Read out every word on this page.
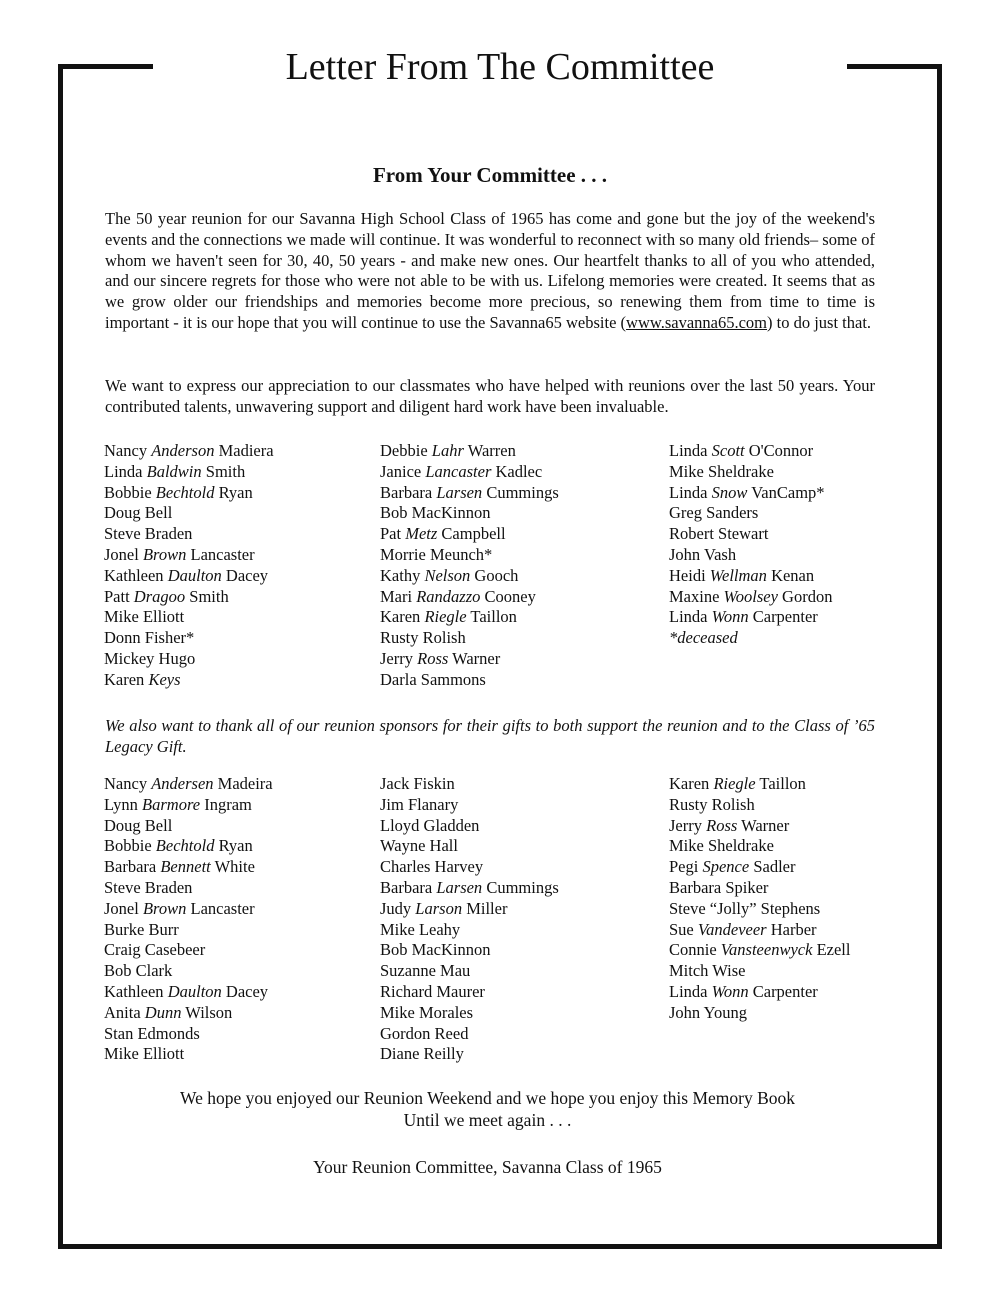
Letter From The Committee
From Your Committee . . .

The 50 year reunion for our Savanna High School Class of 1965 has come and gone but the joy of the weekend's events and the connections we made will continue. It was wonderful to reconnect with so many old friends– some of whom we haven't seen for 30, 40, 50 years - and make new ones. Our heartfelt thanks to all of you who attended, and our sincere regrets for those who were not able to be with us. Lifelong memories were created. It seems that as we grow older our friendships and memories become more precious, so renewing them from time to time is important - it is our hope that you will continue to use the Savanna65 website (www.savanna65.com) to do just that.

We want to express our appreciation to our classmates who have helped with reunions over the last 50 years. Your contributed talents, unwavering support and diligent hard work have been invaluable.

Nancy Anderson Madiera
Linda Baldwin Smith
Bobbie Bechtold Ryan
Doug Bell
Steve Braden
Jonel Brown Lancaster
Kathleen Daulton Dacey
Patt Dragoo Smith
Mike Elliott
Donn Fisher*
Mickey Hugo
Karen Keys
Debbie Lahr Warren
Janice Lancaster Kadlec
Barbara Larsen Cummings
Bob MacKinnon
Pat Metz Campbell
Morrie Meunch*
Kathy Nelson Gooch
Mari Randazzo Cooney
Karen Riegle Taillon
Rusty Rolish
Jerry Ross Warner
Darla Sammons
Linda Scott O'Connor
Mike Sheldrake
Linda Snow VanCamp*
Greg Sanders
Robert Stewart
John Vash
Heidi Wellman Kenan
Maxine Woolsey Gordon
Linda Wonn Carpenter
*deceased

We also want to thank all of our reunion sponsors for their gifts to both support the reunion and to the Class of ’65 Legacy Gift.

Nancy Andersen Madeira
Lynn Barmore Ingram
Doug Bell
Bobbie Bechtold Ryan
Barbara Bennett White
Steve Braden
Jonel Brown Lancaster
Burke Burr
Craig Casebeer
Bob Clark
Kathleen Daulton Dacey
Anita Dunn Wilson
Stan Edmonds
Mike Elliott
Jack Fiskin
Jim Flanary
Lloyd Gladden
Wayne Hall
Charles Harvey
Barbara Larsen Cummings
Judy Larson Miller
Mike Leahy
Bob MacKinnon
Suzanne Mau
Richard Maurer
Mike Morales
Gordon Reed
Diane Reilly
Karen Riegle Taillon
Rusty Rolish
Jerry Ross Warner
Mike Sheldrake
Pegi Spence Sadler
Barbara Spiker
Steve “Jolly” Stephens
Sue Vandeveer Harber
Connie Vansteenwyck Ezell
Mitch Wise
Linda Wonn Carpenter
John Young
We hope you enjoyed our Reunion Weekend and we hope you enjoy this Memory Book
Until we meet again . . .
Your Reunion Committee, Savanna Class of 1965
